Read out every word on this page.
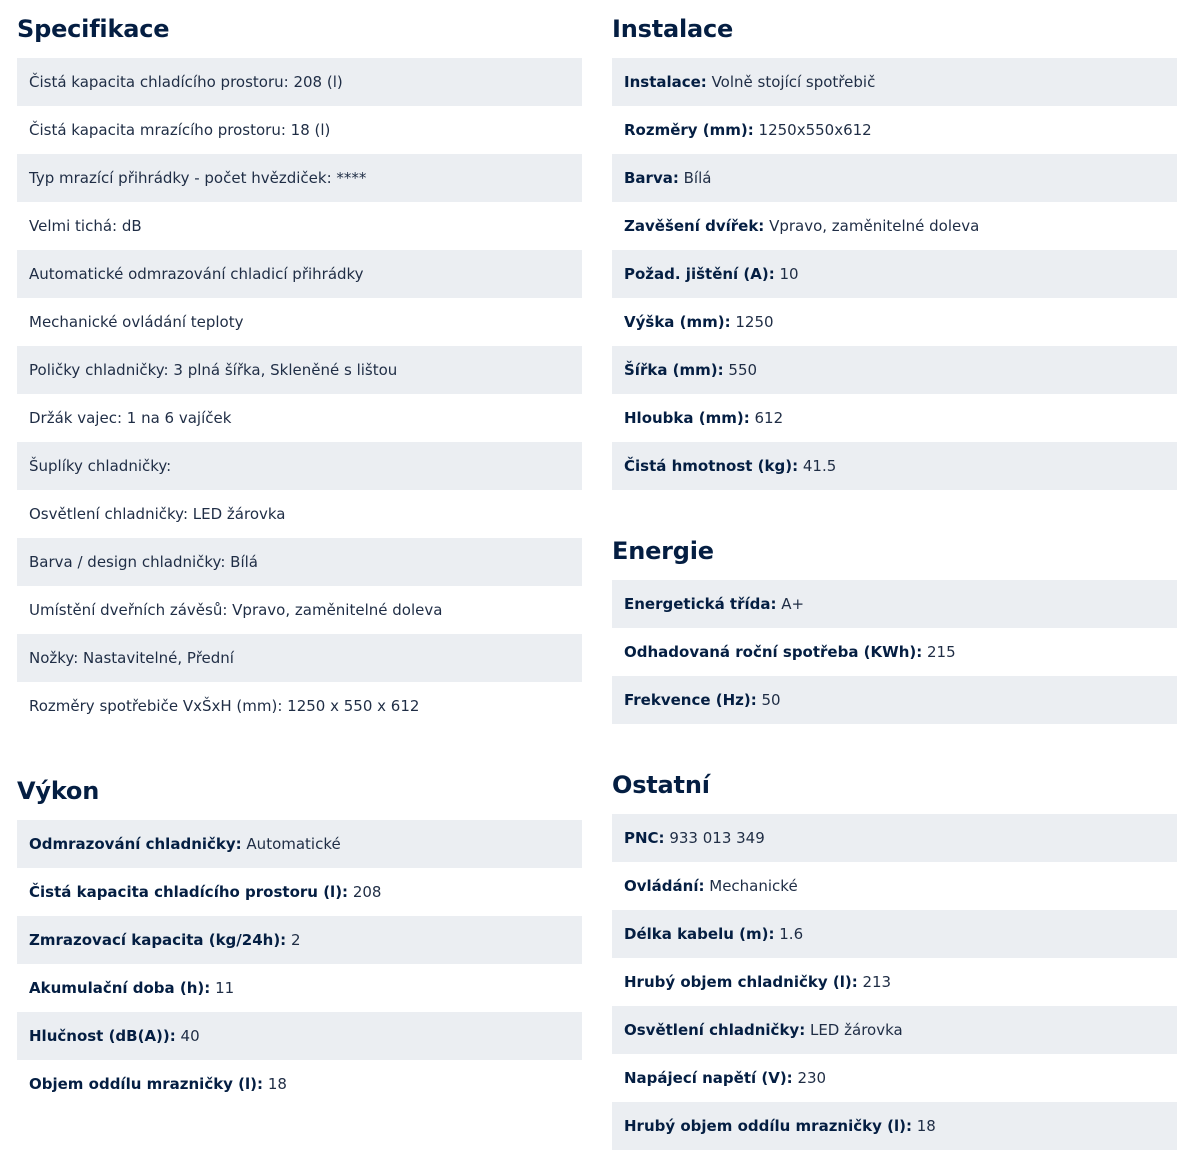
Specifikace
Čistá kapacita chladícího prostoru: 208 (l)
Čistá kapacita mrazícího prostoru: 18 (l)
Typ mrazící přihrádky - počet hvězdiček: ****
Velmi tichá: dB
Automatické odmrazování chladicí přihrádky
Mechanické ovládání teploty
Poličky chladničky: 3 plná šířka, Skleněné s lištou
Držák vajec: 1 na 6 vajíček
Šuplíky chladničky:
Osvětlení chladničky: LED žárovka
Barva / design chladničky: Bílá
Umístění dveřních závěsů: Vpravo, zaměnitelné doleva
Nožky: Nastavitelné, Přední
Rozměry spotřebiče VxŠxH (mm): 1250 x 550 x 612
Výkon
Odmrazování chladničky: Automatické
Čistá kapacita chladícího prostoru (l): 208
Zmrazovací kapacita (kg/24h): 2
Akumulační doba (h): 11
Hlučnost (dB(A)): 40
Objem oddílu mrazničky (l): 18
Instalace
Instalace: Volně stojící spotřebič
Rozměry (mm): 1250x550x612
Barva: Bílá
Zavěšení dvířek: Vpravo, zaměnitelné doleva
Požad. jištění (A): 10
Výška (mm): 1250
Šířka (mm): 550
Hloubka (mm): 612
Čistá hmotnost (kg): 41.5
Energie
Energetická třída: A+
Odhadovaná roční spotřeba (KWh): 215
Frekvence (Hz): 50
Ostatní
PNC: 933 013 349
Ovládání: Mechanické
Délka kabelu (m): 1.6
Hrubý objem chladničky (l): 213
Osvětlení chladničky: LED žárovka
Napájecí napětí (V): 230
Hrubý objem oddílu mrazničky (l): 18
